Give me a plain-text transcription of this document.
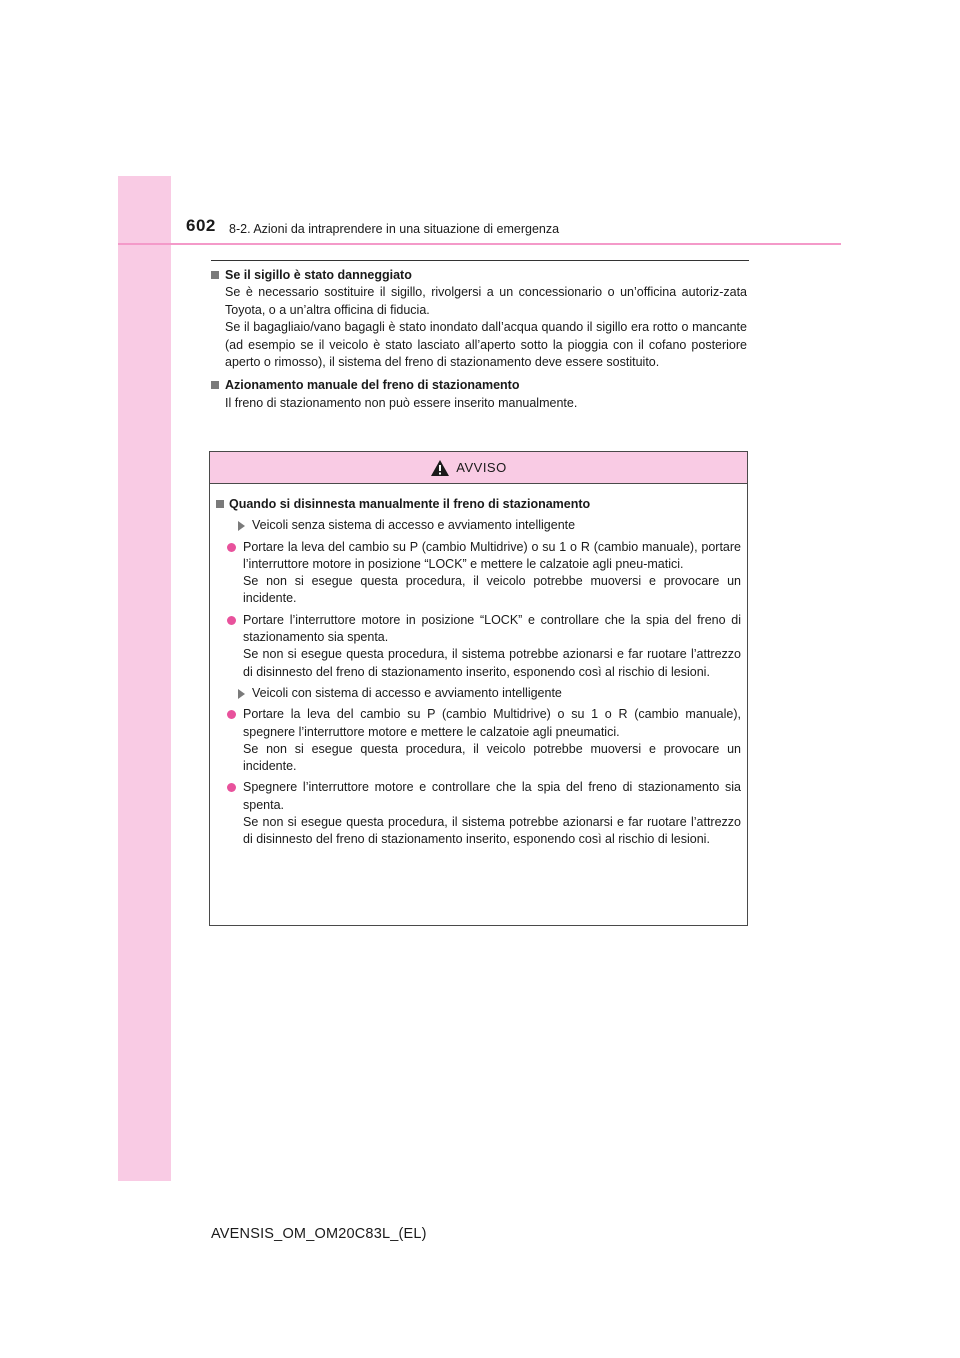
602 8-2. Azioni da intraprendere in una situazione di emergenza
Se il sigillo è stato danneggiato

Se è necessario sostituire il sigillo, rivolgersi a un concessionario o un’officina autoriz-zata Toyota, o a un’altra officina di fiducia.

Se il bagagliaio/vano bagagli è stato inondato dall’acqua quando il sigillo era rotto o mancante (ad esempio se il veicolo è stato lasciato all’aperto sotto la pioggia con il cofano posteriore aperto o rimosso), il sistema del freno di stazionamento deve essere sostituito.

Azionamento manuale del freno di stazionamento

Il freno di stazionamento non può essere inserito manualmente.

AVVISO
Quando si disinnesta manualmente il freno di stazionamento
Veicoli senza sistema di accesso e avviamento intelligente

Portare la leva del cambio su P (cambio Multidrive) o su 1 o R (cambio manuale), portare l’interruttore motore in posizione “LOCK” e mettere le calzatoie agli pneu-matici.

Se non si esegue questa procedura, il veicolo potrebbe muoversi e provocare un incidente.

Portare l’interruttore motore in posizione “LOCK” e controllare che la spia del freno di stazionamento sia spenta.

Se non si esegue questa procedura, il sistema potrebbe azionarsi e far ruotare l’attrezzo di disinnesto del freno di stazionamento inserito, esponendo così al rischio di lesioni.

Veicoli con sistema di accesso e avviamento intelligente

Portare la leva del cambio su P (cambio Multidrive) o su 1 o R (cambio manuale), spegnere l’interruttore motore e mettere le calzatoie agli pneumatici.

Se non si esegue questa procedura, il veicolo potrebbe muoversi e provocare un incidente.

Spegnere l’interruttore motore e controllare che la spia del freno di stazionamento sia spenta.

Se non si esegue questa procedura, il sistema potrebbe azionarsi e far ruotare l’attrezzo di disinnesto del freno di stazionamento inserito, esponendo così al rischio di lesioni.

AVENSIS_OM_OM20C83L_(EL)
